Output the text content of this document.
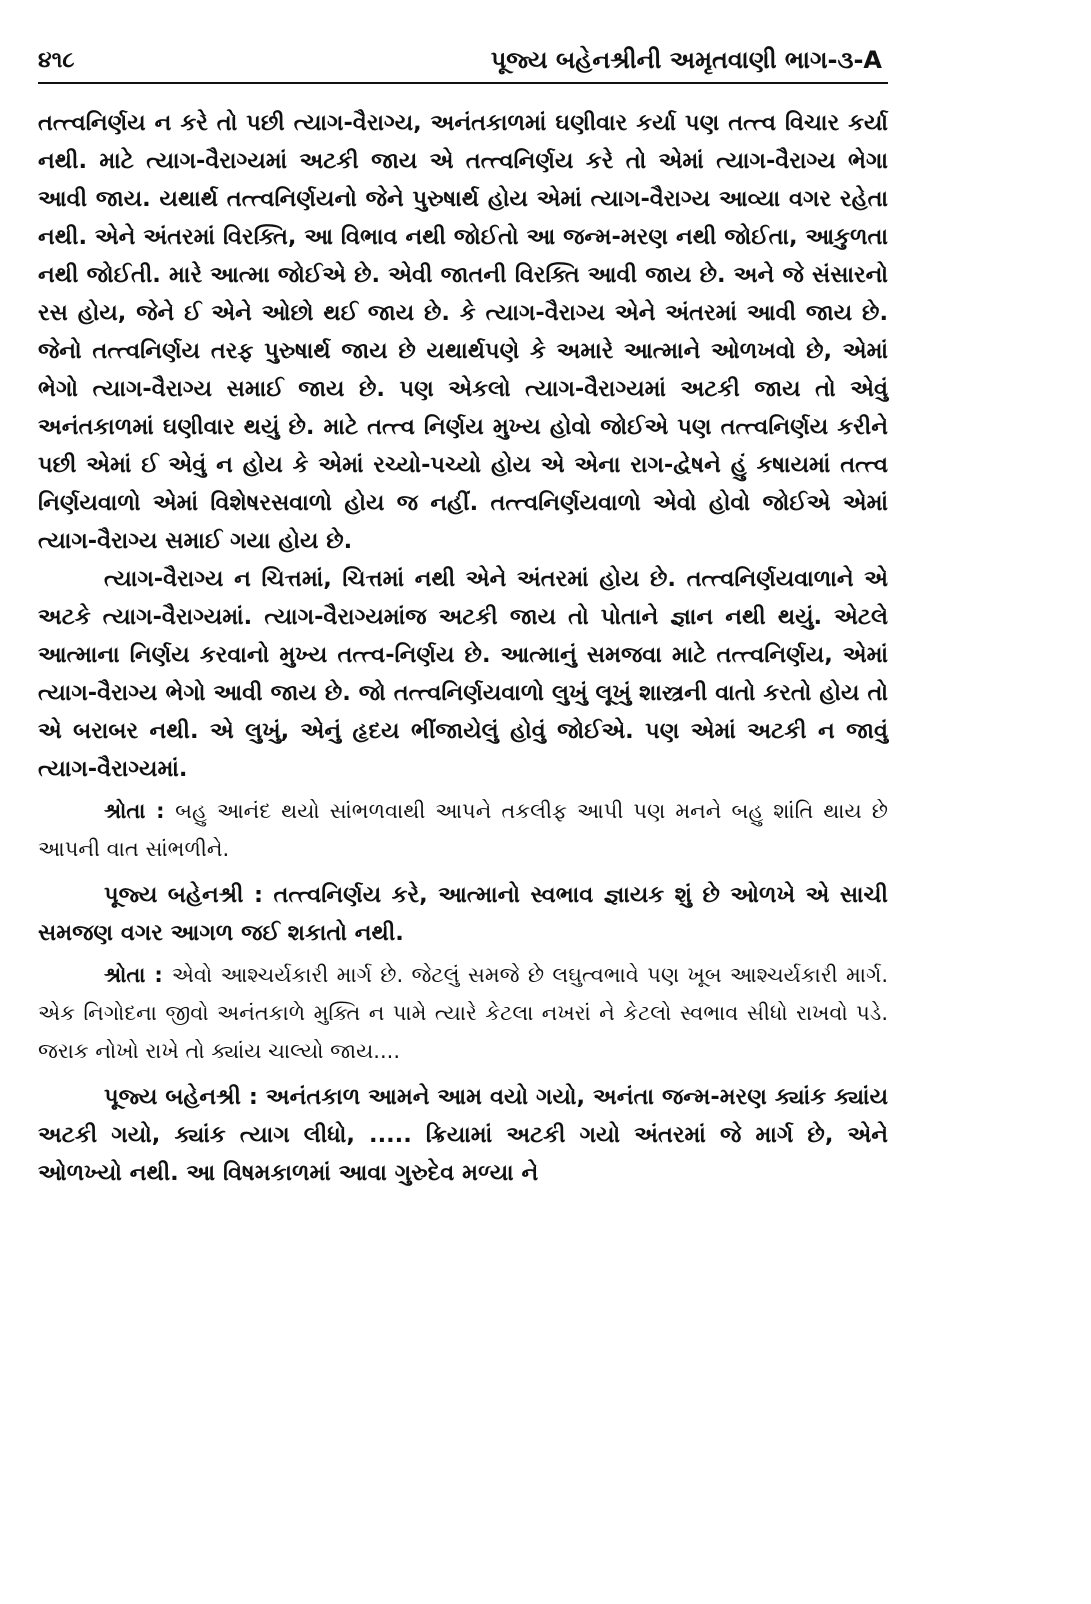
૪૧૮	પૂજ્ય બહેનશ્રીની અમૃતવાણી ભાગ-૩-A

તત્ત્વનિર્ણય ન કરે તો પછી ત્યાગ-વૈરાગ્ય, અનંતકાળમાં ઘણીવાર કર્યા પણ તત્ત્વ વિચાર કર્યા નથી. માટે ત્યાગ-વૈરાગ્યમાં અટકી જાય એ તત્ત્વનિર્ણય કરે તો એમાં ત્યાગ-વૈરાગ્ય ભેગા આવી જાય. યથાર્થ તત્ત્વનિર્ણયનો જેને પુરુષાર્થ હોય એમાં ત્યાગ-વૈરાગ્ય આવ્યા વગર રહેતા નથી. એને અંતરમાં વિરક્તિ, આ વિભાવ નથી જોઈતો આ જન્મ-મરણ નથી જોઈતા, આકુળતા નથી જોઈતી. મારે આત્મા જોઈએ છે. એવી જાતની વિરક્તિ આવી જાય છે. અને જે સંસારનો રસ હોય, જેને ઈ એને ઓછો થઈ જાય છે. કે ત્યાગ-વૈરાગ્ય એને અંતરમાં આવી જાય છે. જેનો તત્ત્વનિર્ણય તરફ પુરુષાર્થ જાય છે યથાર્થપણે કે અમારે આત્માને ઓળખવો છે, એમાં ભેગો ત્યાગ-વૈરાગ્ય સમાઈ જાય છે. પણ એકલો ત્યાગ-વૈરાગ્યમાં અટકી જાય તો એવું અનંતકાળમાં ઘણીવાર થયું છે. માટે તત્ત્વ નિર્ણય મુખ્ય હોવો જોઈએ પણ તત્ત્વનિર્ણય કરીને પછી એમાં ઈ એવું ન હોય કે એમાં રચ્યો-પચ્યો હોય એ એના રાગ-દ્વેષને હું કષાયમાં તત્ત્વ નિર્ણયવાળો એમાં વિશેષરસવાળો હોય જ નહીં. તત્ત્વનિર્ણયવાળો એવો હોવો જોઈએ એમાં ત્યાગ-વૈરાગ્ય સમાઈ ગયા હોય છે.

ત્યાગ-વૈરાગ્ય ન ચિત્તમાં, ચિત્તમાં નથી એને અંતરમાં હોય છે. તત્ત્વનિર્ણયવાળાને એ અટકે ત્યાગ-વૈરાગ્યમાં. ત્યાગ-વૈરાગ્યમાંજ અટકી જાય તો પોતાને જ્ઞાન નથી થયું. એટલે આત્માના નિર્ણય કરવાનો મુખ્ય તત્ત્વ-નિર્ણય છે. આત્માનું સમજવા માટે તત્ત્વનિર્ણય, એમાં ત્યાગ-વૈરાગ્ય ભેગો આવી જાય છે. જો તત્ત્વનિર્ણયવાળો લુખું લૂખું શાસ્ત્રની વાતો કરતો હોય તો એ બરાબર નથી. એ લુખું, એનું હૃદય ભીંજાયેલું હોવું જોઈએ. પણ એમાં અટકી ન જાવું ત્યાગ-વૈરાગ્યમાં.

શ્રોતા : બહુ આનંદ થયો સાંભળવાથી આપને તકલીફ આપી પણ મનને બહુ શાંતિ થાય છે આપની વાત સાંભળીને.

પૂજ્ય બહેનશ્રી : તત્ત્વનિર્ણય કરે, આત્માનો સ્વભાવ જ્ઞાયક શું છે ઓળખે એ સાચી સમજણ વગર આગળ જઈ શકાતો નથી.

શ્રોતા : એવો આશ્ચર્યકારી માર્ગ છે. જેટલું સમજે છે લઘુત્વભાવે પણ ખૂબ આશ્ચર્યકારી માર્ગ. એક નિગોદના જીવો અનંતકાળે મુક્તિ ન પામે ત્યારે કેટલા નખરાં ને કેટલો સ્વભાવ સીધો રાખવો પડે. જરાક નોખો રાખે તો ક્યાંય ચાલ્યો જાય....

પૂજ્ય બહેનશ્રી : અનંતકાળ આમને આમ વયો ગયો, અનંતા જન્મ-મરણ ક્યાંક ક્યાંય અટકી ગયો, ક્યાંક ત્યાગ લીધો, ..... ક્રિયામાં અટકી ગયો અંતરમાં જે માર્ગ છે, એને ઓળખ્યો નથી. આ વિષમકાળમાં આવા ગુરુદેવ મળ્યા ને
